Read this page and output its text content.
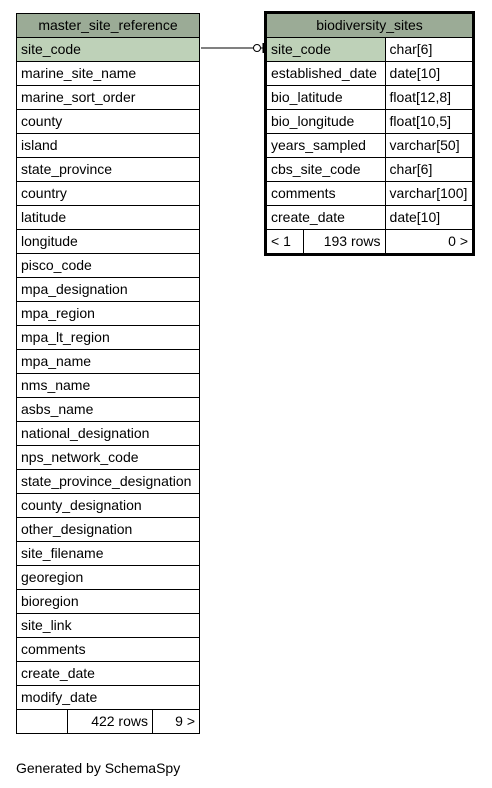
master_site_reference
site_code
marine_site_name
marine_sort_order
county
island
state_province
country
latitude
longitude
pisco_code
mpa_designation
mpa_region
mpa_lt_region
mpa_name
nms_name
asbs_name
national_designation
nps_network_code
state_province_designation
county_designation
other_designation
site_filename
georegion
bioregion
site_link
comments
create_date
modify_date

	422 rows	9 >
biodiversity_sites		
site_code		char[6]
established_date		date[10]
bio_latitude		float[12,8]
bio_longitude		float[10,5]
years_sampled		varchar[50]
cbs_site_code		char[6]
comments		varchar[100]
create_date		date[10]
< 1	193 rows	0 >
Generated by SchemaSpy
